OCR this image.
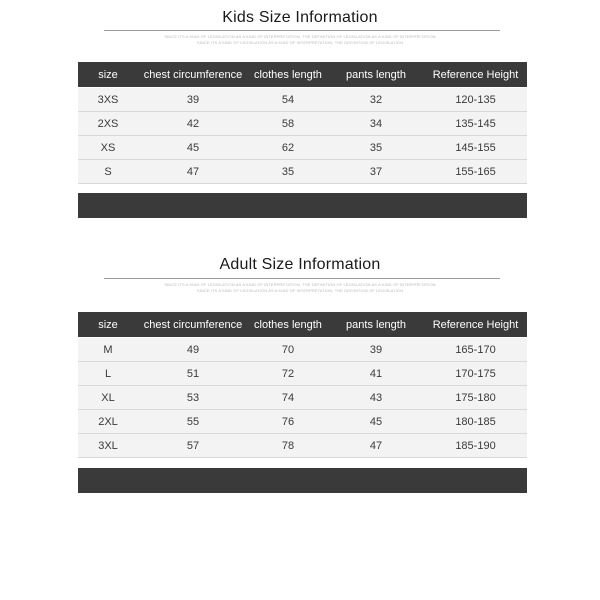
Kids Size Information
SINCE ITS A KIND OF LEGISLATION AS A KIND OF INTERPRETATION, THE DEFINITION OF LEGISLATION AS A KIND OF INTERPRETATION
SINCE ITS A KIND OF LEGISLATION AS A KIND OF INTERPRETATION, THE DEFINITION OF LEGISLATION
size	chest circumference	clothes length	pants length	Reference Height
3XS	39	54	32	120-135
2XS	42	58	34	135-145
XS	45	62	35	145-155
S	47	35	37	155-165
Adult Size Information
SINCE ITS A KIND OF LEGISLATION AS A KIND OF INTERPRETATION, THE DEFINITION OF LEGISLATION AS A KIND OF INTERPRETATION
SINCE ITS A KIND OF LEGISLATION AS A KIND OF INTERPRETATION, THE DEFINITION OF LEGISLATION
size	chest circumference	clothes length	pants length	Reference Height
M	49	70	39	165-170
L	51	72	41	170-175
XL	53	74	43	175-180
2XL	55	76	45	180-185
3XL	57	78	47	185-190
